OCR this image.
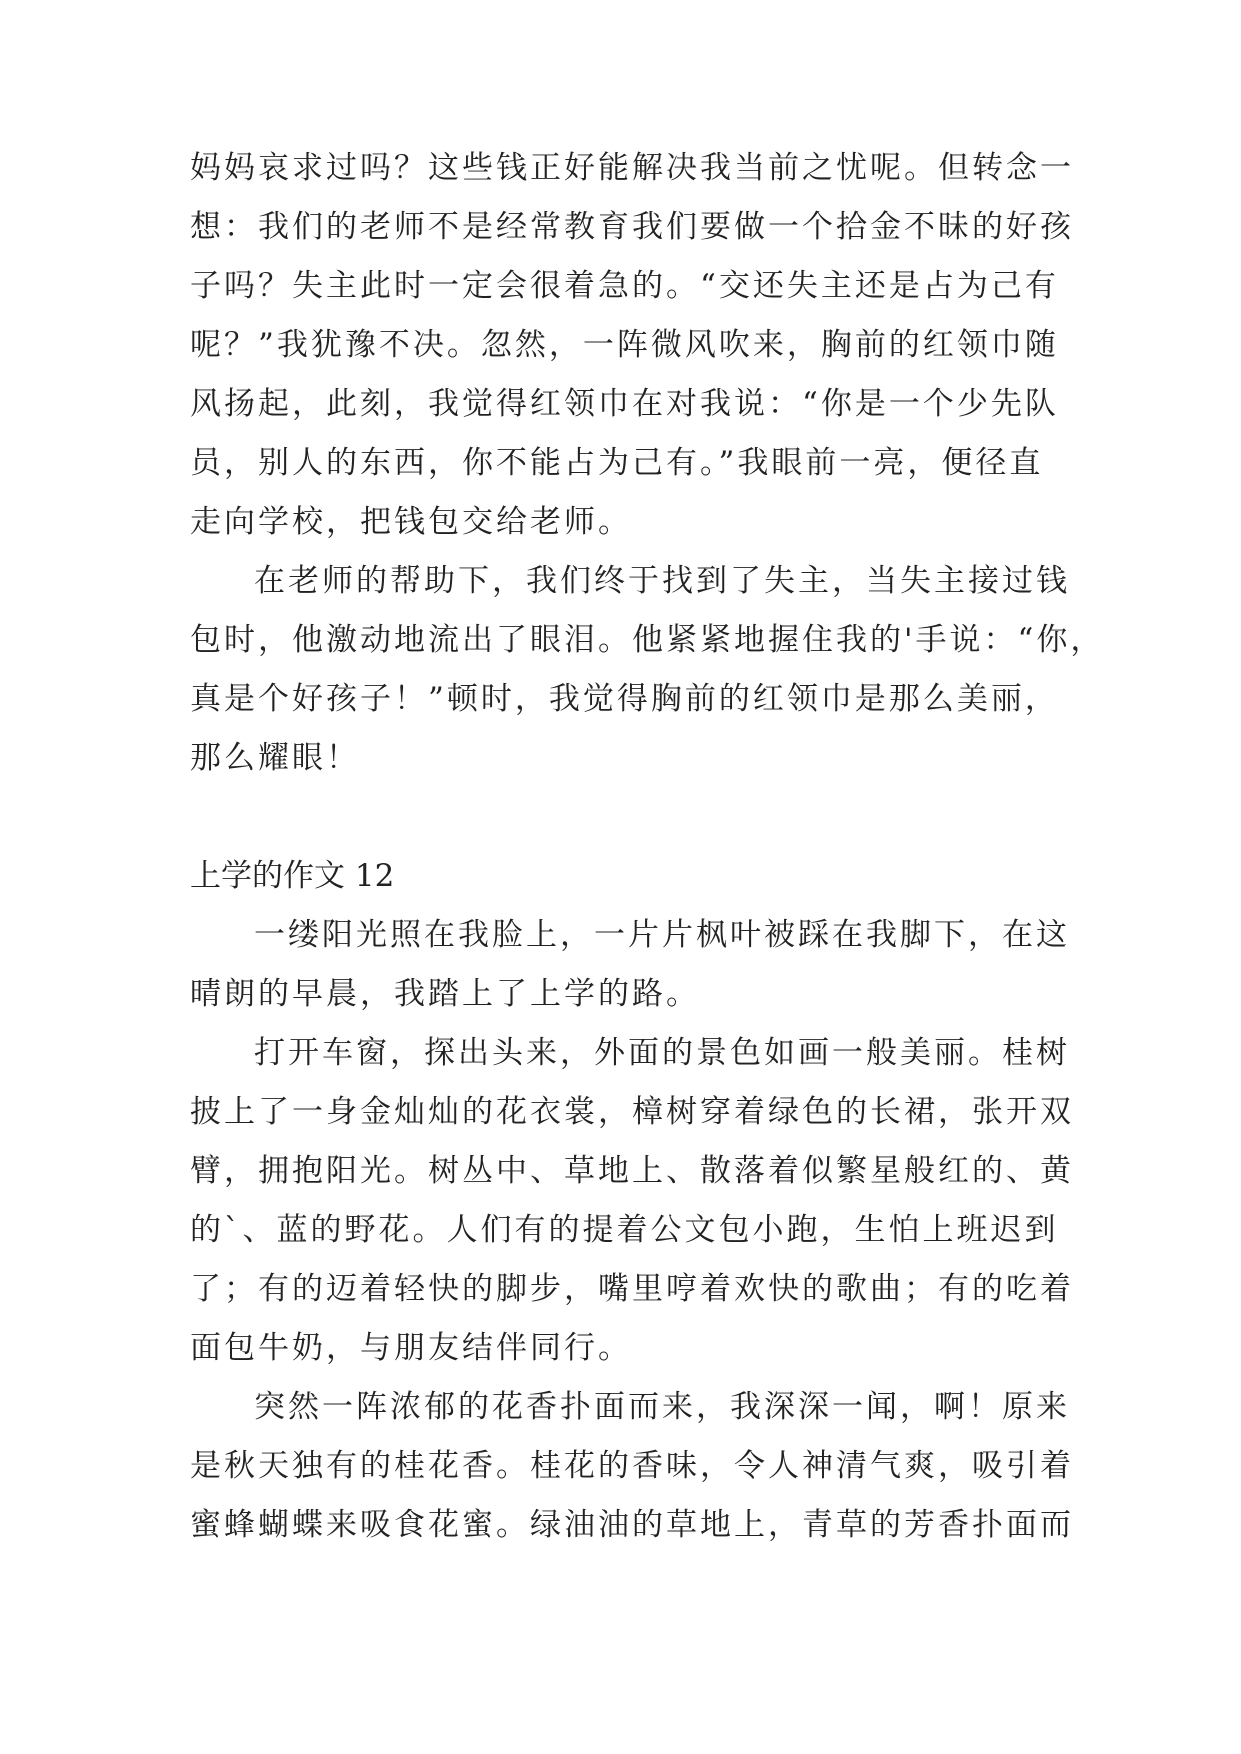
妈妈哀求过吗？这些钱正好能解决我当前之忧呢。但转念一
想：我们的老师不是经常教育我们要做一个拾金不昧的好孩
子吗？失主此时一定会很着急的。“交还失主还是占为己有
呢？”我犹豫不决。忽然，一阵微风吹来，胸前的红领巾随
风扬起，此刻，我觉得红领巾在对我说：“你是一个少先队
员，别人的东西，你不能占为己有。”我眼前一亮，便径直
走向学校，把钱包交给老师。
在老师的帮助下，我们终于找到了失主，当失主接过钱
包时，他激动地流出了眼泪。他紧紧地握住我的'手说：“你，
真是个好孩子！”顿时，我觉得胸前的红领巾是那么美丽，
那么耀眼！
上学的作文 12
一缕阳光照在我脸上，一片片枫叶被踩在我脚下，在这
晴朗的早晨，我踏上了上学的路。
打开车窗，探出头来，外面的景色如画一般美丽。桂树
披上了一身金灿灿的花衣裳，樟树穿着绿色的长裙，张开双
臂，拥抱阳光。树丛中、草地上、散落着似繁星般红的、黄
的`、蓝的野花。人们有的提着公文包小跑，生怕上班迟到
了；有的迈着轻快的脚步，嘴里哼着欢快的歌曲；有的吃着
面包牛奶，与朋友结伴同行。
突然一阵浓郁的花香扑面而来，我深深一闻，啊！原来
是秋天独有的桂花香。桂花的香味，令人神清气爽，吸引着
蜜蜂蝴蝶来吸食花蜜。绿油油的草地上，青草的芳香扑面而
